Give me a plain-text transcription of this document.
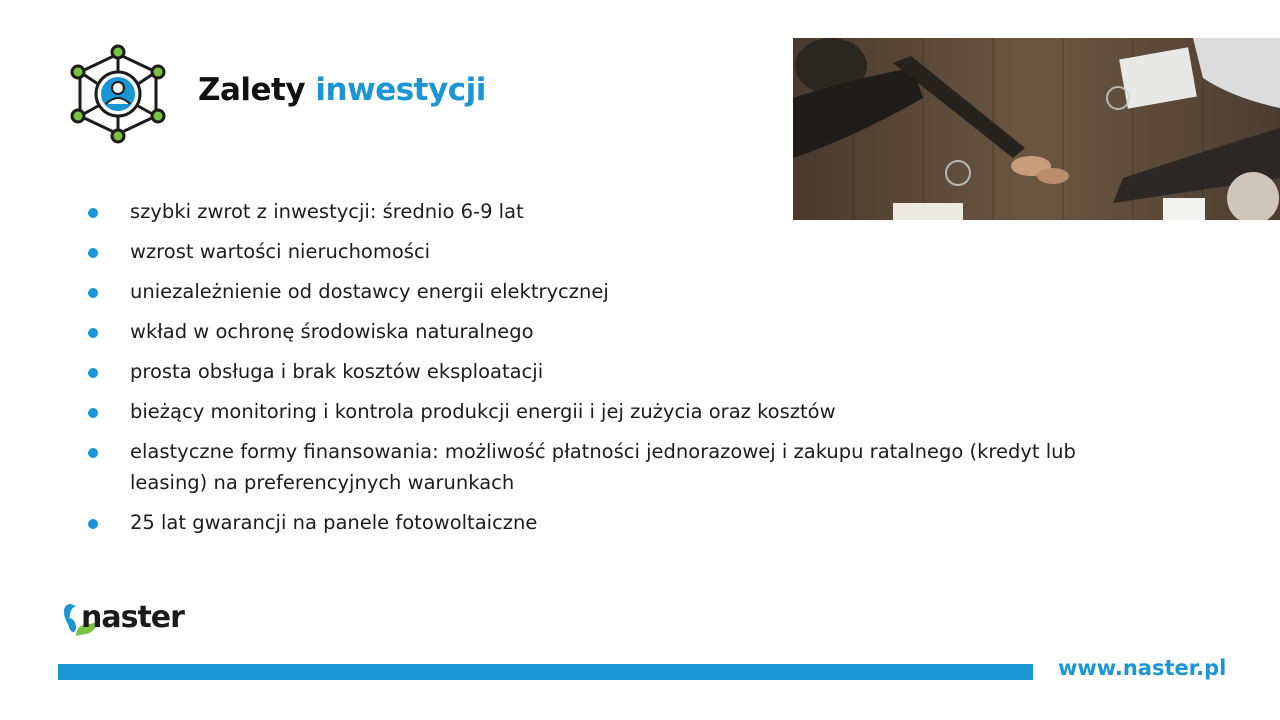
Zalety inwestycji
szybki zwrot z inwestycji: średnio 6-9 lat
wzrost wartości nieruchomości
uniezależnienie od dostawcy energii elektrycznej
wkład w ochronę środowiska naturalnego
prosta obsługa i brak kosztów eksploatacji
bieżący monitoring i kontrola produkcji energii i jej zużycia oraz kosztów
elastyczne formy finansowania: możliwość płatności jednorazowej i zakupu ratalnego (kredyt lub leasing) na preferencyjnych warunkach
25 lat gwarancji na panele fotowoltaiczne
naster
www.naster.pl
